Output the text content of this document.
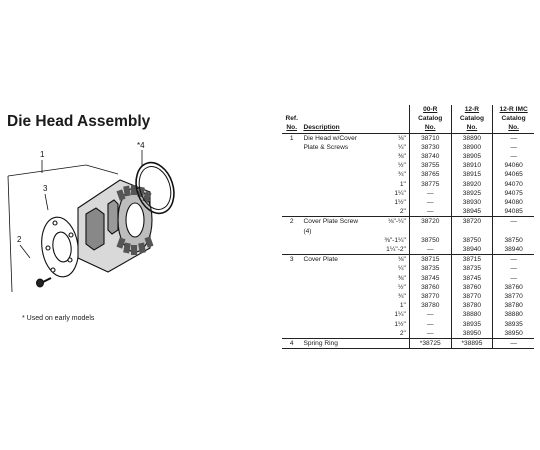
Die Head Assembly
1
2
3
*4
* Used on early models
			00-R	12-R	12-R IMC
Ref.			Catalog	Catalog	Catalog
No.	Description		No.	No.	No.
1	Die Head w/Cover	⅛"	38710	38890	—
	Plate & Screws	¼"	38730	38900	—
		⅜"	38740	38905	—
		½"	38755	38910	94060
		¾"	38765	38915	94065
		1"	38775	38920	94070
		1¼"	—	38925	94075
		1½"	—	38930	94080
		2"	—	38945	94085
2	Cover Plate Screw (4)	⅛"-¼"	38720	38720	—
		⅜"-1¼"	38750	38750	38750
		1¼"-2"	—	38940	38940
3	Cover Plate	⅛"	38715	38715	—
		¼"	38735	38735	—
		⅜"	38745	38745	—
		½"	38760	38760	38760
		¾"	38770	38770	38770
		1"	38780	38780	38780
		1¼"	—	38880	38880
		1½"	—	38935	38935
		2"	—	38950	38950
4	Spring Ring		*38725	*38895	—
